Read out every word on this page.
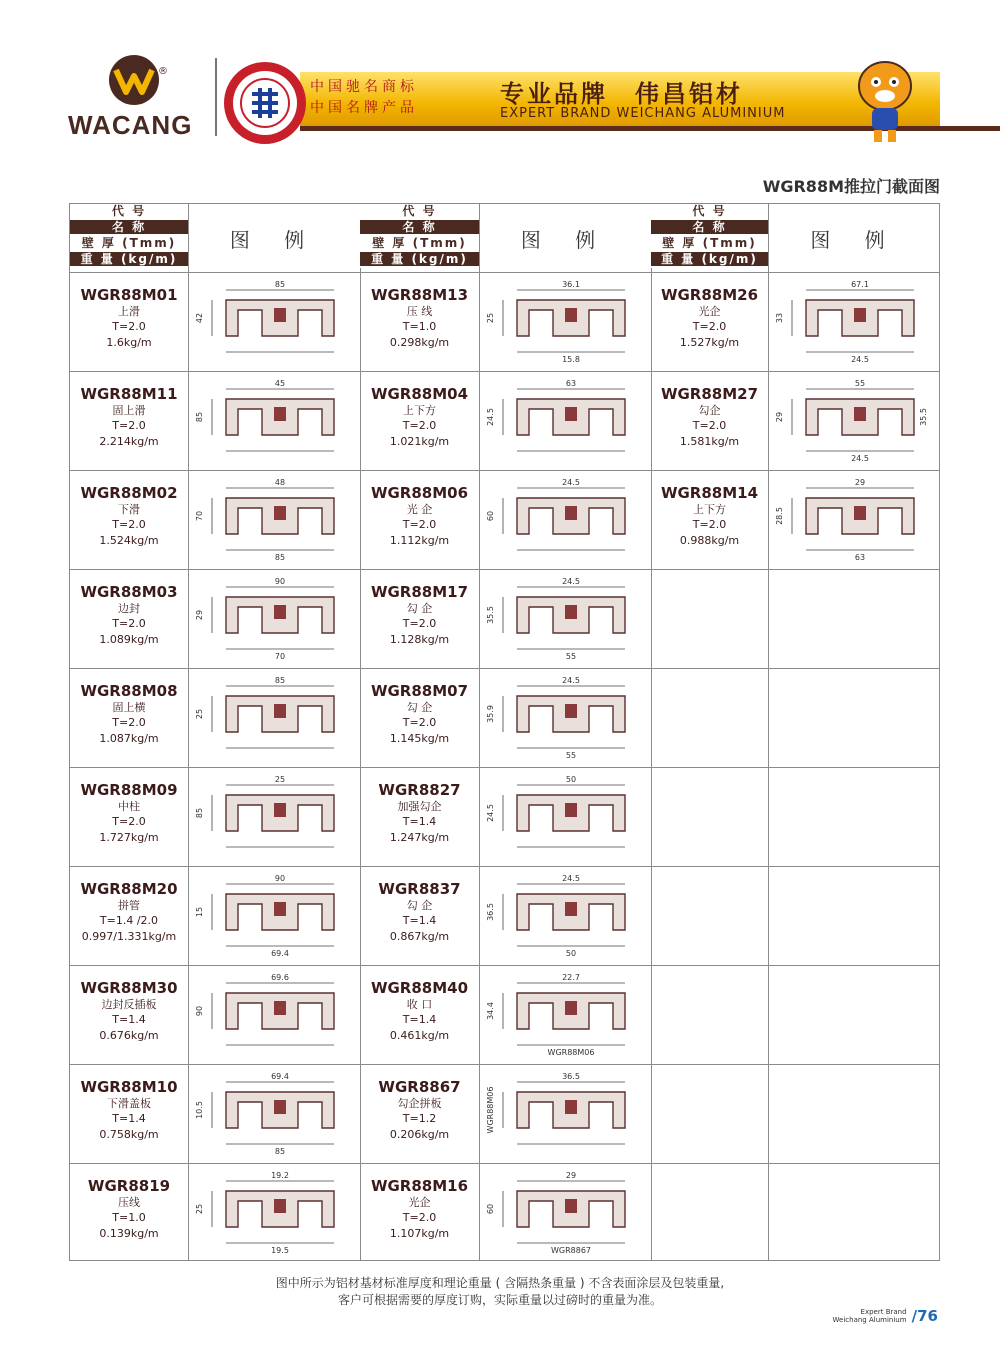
®
WACANG
中国驰名商标
中国名牌产品	专业品牌　伟昌铝材
EXPERT BRAND WEICHANG ALUMINIUM
WGR88M推拉门截面图
代 号
名 称
壁 厚 (Tmm)
重 量 (kg/m)
图 例
代 号
名 称
壁 厚 (Tmm)
重 量 (kg/m)
图 例
代 号
名 称
壁 厚 (Tmm)
重 量 (kg/m)
图 例
WGR88M01
上滑
T=2.0
1.6kg/m
85
42
WGR88M11
固上滑
T=2.0
2.214kg/m
45
85
WGR88M02
下滑
T=2.0
1.524kg/m
48
70
85
WGR88M03
边封
T=2.0
1.089kg/m
90
29
70
WGR88M08
固上横
T=2.0
1.087kg/m
85
25
WGR88M09
中柱
T=2.0
1.727kg/m
25
85
WGR88M20
拼管
T=1.4 /2.0
0.997/1.331kg/m
90
15
69.4
WGR88M30
边封反插板
T=1.4
0.676kg/m
69.6
90
WGR88M10
下滑盖板
T=1.4
0.758kg/m
69.4
10.5
85
WGR8819
压线
T=1.0
0.139kg/m
19.2
25
19.5
WGR88M13
压 线
T=1.0
0.298kg/m
36.1
25
15.8
WGR88M04
上下方
T=2.0
1.021kg/m
63
24.5
WGR88M06
光 企
T=2.0
1.112kg/m
24.5
60
WGR88M17
勾 企
T=2.0
1.128kg/m
24.5
35.5
55
WGR88M07
勾 企
T=2.0
1.145kg/m
24.5
35.9
55
WGR8827
加强勾企
T=1.4
1.247kg/m
50
24.5
WGR8837
勾 企
T=1.4
0.867kg/m
24.5
36.5
50
WGR88M40
收 口
T=1.4
0.461kg/m
22.7
34.4
WGR88M06
WGR8867
勾企拼板
T=1.2
0.206kg/m
36.5
WGR88M06
WGR88M16
光企
T=2.0
1.107kg/m
29
60
WGR8867
WGR88M26
光企
T=2.0
1.527kg/m
67.1
33
24.5
WGR88M27
勾企
T=2.0
1.581kg/m
55
29
24.5
35.5
WGR88M14
上下方
T=2.0
0.988kg/m
29
28.5
63
图中所示为铝材基材标准厚度和理论重量 ( 含隔热条重量 ) 不含表面涂层及包装重量,
客户可根据需要的厚度订购，实际重量以过磅时的重量为准。
Expert Brand
Weichang Aluminium /76
